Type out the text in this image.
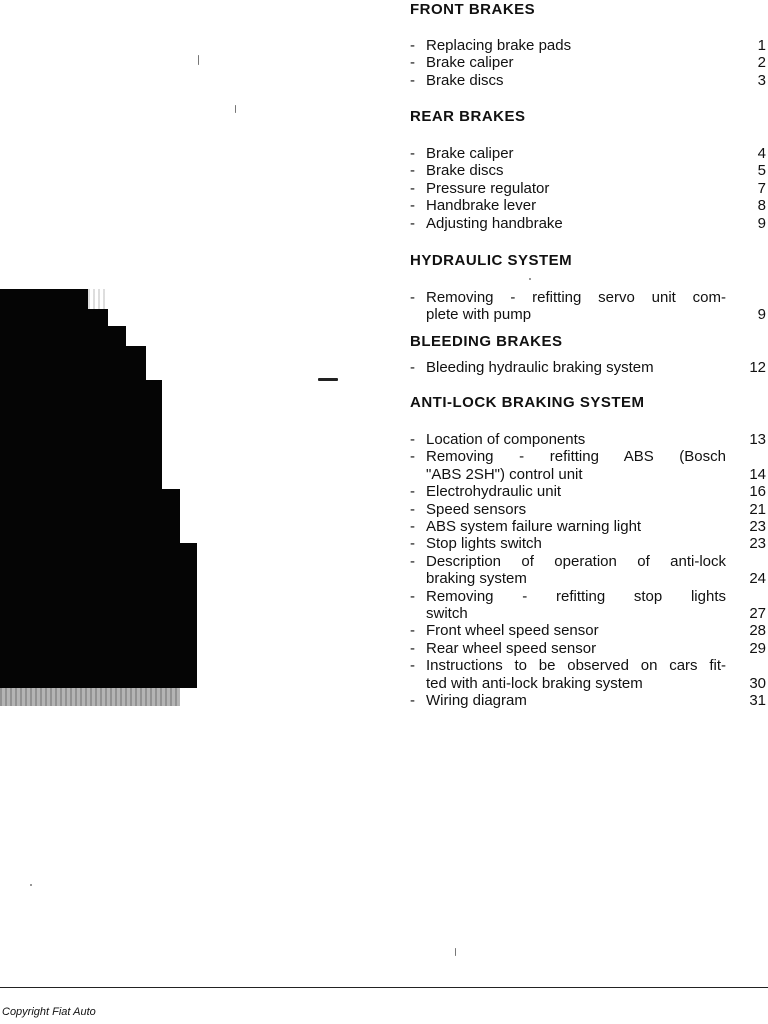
FRONT BRAKES
- Replacing brake pads	1
- Brake caliper	2
- Brake discs	3
REAR BRAKES
- Brake caliper	4
- Brake discs	5
- Pressure regulator	7
- Handbrake lever	8
- Adjusting handbrake	9
HYDRAULIC SYSTEM
- Removing - refitting servo unit com-
plete with pump	9
BLEEDING BRAKES
- Bleeding hydraulic braking system	12
ANTI-LOCK BRAKING SYSTEM
- Location of components	13
- Removing - refitting ABS (Bosch
"ABS 2SH") control unit	14
- Electrohydraulic unit	16
- Speed sensors	21
- ABS system failure warning light	23
- Stop lights switch	23
- Description of operation of anti-lock
braking system	24
- Removing - refitting stop lights
switch	27
- Front wheel speed sensor	28
- Rear wheel speed sensor	29
- Instructions to be observed on cars fit-
ted with anti-lock braking system	30
- Wiring diagram	31
Copyright Fiat Auto
